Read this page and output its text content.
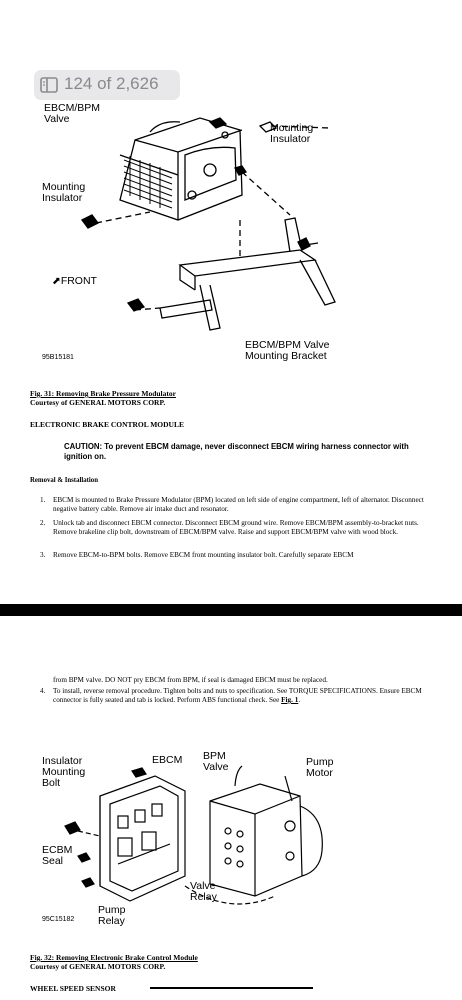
124 of 2,626
EBCM/BPM
Valve
Mounting
Insulator
Mounting
Insulator
⬈FRONT
EBCM/BPM Valve
Mounting Bracket
95B15181
Fig. 31: Removing Brake Pressure Modulator
Courtesy of GENERAL MOTORS CORP.
ELECTRONIC BRAKE CONTROL MODULE
CAUTION: To prevent EBCM damage, never disconnect EBCM wiring harness connector with ignition on.
Removal & Installation
1. EBCM is mounted to Brake Pressure Modulator (BPM) located on left side of engine compartment, left of alternator. Disconnect negative battery cable. Remove air intake duct and resonator.
2. Unlock tab and disconnect EBCM connector. Disconnect EBCM ground wire. Remove EBCM/BPM assembly-to-bracket nuts. Remove brakeline clip bolt, downstream of EBCM/BPM valve. Raise and support EBCM/BPM valve with wood block.
3. Remove EBCM-to-BPM bolts. Remove EBCM front mounting insulator bolt. Carefully separate EBCM
from BPM valve. DO NOT pry EBCM from BPM, if seal is damaged EBCM must be replaced.
4. To install, reverse removal procedure. Tighten bolts and nuts to specification. See TORQUE SPECIFICATIONS. Ensure EBCM connector is fully seated and tab is locked. Perform ABS functional check. See Fig. 1.
Insulator
Mounting
Bolt
EBCM BPM
Valve	Pump
Motor
ECBM
Seal
Valve
Relay
Pump
Relay
95C15182
Fig. 32: Removing Electronic Brake Control Module
Courtesy of GENERAL MOTORS CORP.
WHEEL SPEED SENSOR
